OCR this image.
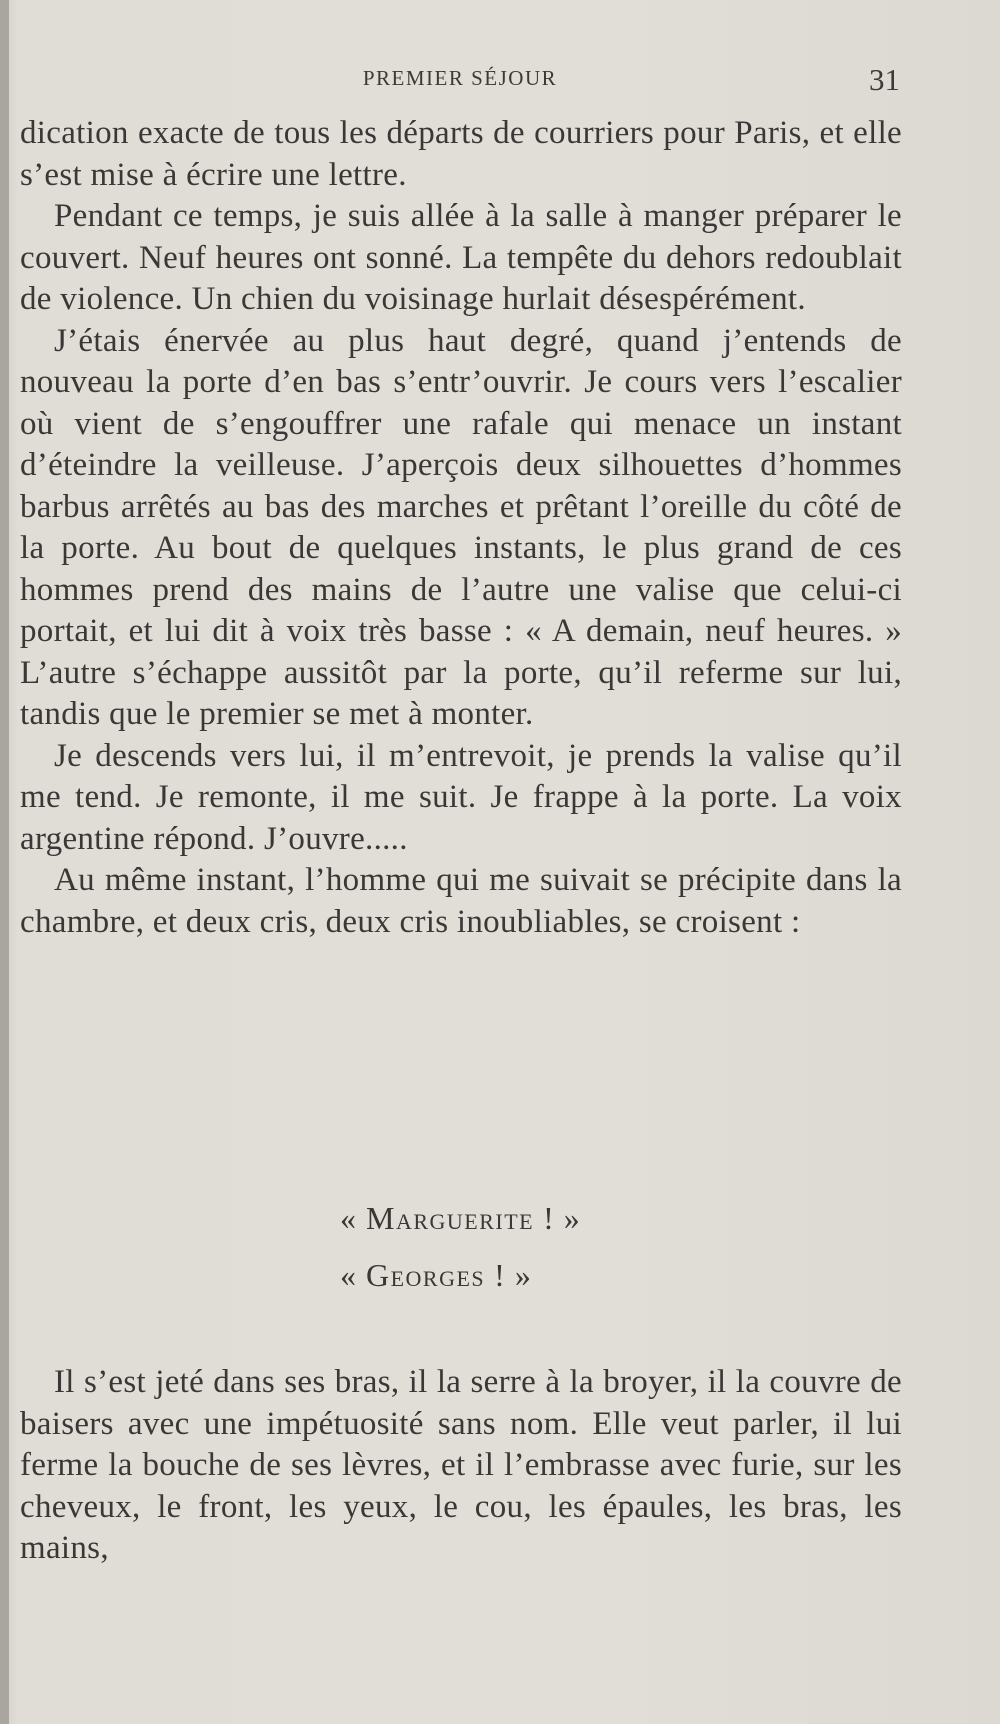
PREMIER SÉJOUR	31

dication exacte de tous les départs de courriers pour Paris, et elle s’est mise à écrire une lettre.

Pendant ce temps, je suis allée à la salle à manger préparer le couvert. Neuf heures ont sonné. La tempête du dehors redoublait de violence. Un chien du voisinage hurlait désespérément.

J’étais énervée au plus haut degré, quand j’entends de nouveau la porte d’en bas s’entr’ouvrir. Je cours vers l’escalier où vient de s’engouffrer une rafale qui menace un instant d’éteindre la veilleuse. J’aperçois deux silhouettes d’hommes barbus arrêtés au bas des marches et prêtant l’oreille du côté de la porte. Au bout de quelques instants, le plus grand de ces hommes prend des mains de l’autre une valise que celui-ci portait, et lui dit à voix très basse : « A demain, neuf heures. » L’autre s’échappe aussitôt par la porte, qu’il referme sur lui, tandis que le premier se met à monter.

Je descends vers lui, il m’entrevoit, je prends la valise qu’il me tend. Je remonte, il me suit. Je frappe à la porte. La voix argentine répond. J’ouvre.....

Au même instant, l’homme qui me suivait se précipite dans la chambre, et deux cris, deux cris inoubliables, se croisent :

« Marguerite ! »
« Georges ! »

Il s’est jeté dans ses bras, il la serre à la broyer, il la couvre de baisers avec une impétuosité sans nom. Elle veut parler, il lui ferme la bouche de ses lèvres, et il l’embrasse avec furie, sur les cheveux, le front, les yeux, le cou, les épaules, les bras, les mains,
